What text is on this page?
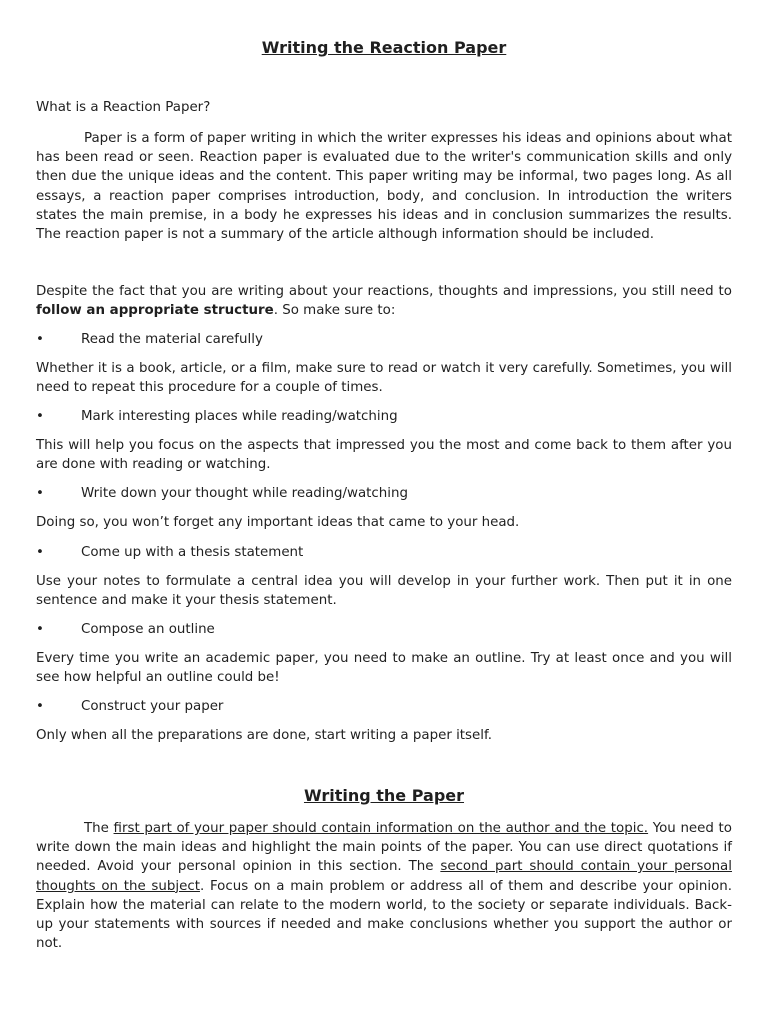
Writing the Reaction Paper

What is a Reaction Paper?

Paper is a form of paper writing in which the writer expresses his ideas and opinions about what has been read or seen. Reaction paper is evaluated due to the writer's communication skills and only then due the unique ideas and the content. This paper writing may be informal, two pages long. As all essays, a reaction paper comprises introduction, body, and conclusion. In introduction the writers states the main premise, in a body he expresses his ideas and in conclusion summarizes the results. The reaction paper is not a summary of the article although information should be included.

Despite the fact that you are writing about your reactions, thoughts and impressions, you still need to follow an appropriate structure. So make sure to:

•	Read the material carefully

Whether it is a book, article, or a film, make sure to read or watch it very carefully. Sometimes, you will need to repeat this procedure for a couple of times.

•	Mark interesting places while reading/watching

This will help you focus on the aspects that impressed you the most and come back to them after you are done with reading or watching.

•	Write down your thought while reading/watching

Doing so, you won’t forget any important ideas that came to your head.

•	Come up with a thesis statement

Use your notes to formulate a central idea you will develop in your further work. Then put it in one sentence and make it your thesis statement.

•	Compose an outline

Every time you write an academic paper, you need to make an outline. Try at least once and you will see how helpful an outline could be!

•	Construct your paper

Only when all the preparations are done, start writing a paper itself.

Writing the Paper

The first part of your paper should contain information on the author and the topic. You need to write down the main ideas and highlight the main points of the paper. You can use direct quotations if needed. Avoid your personal opinion in this section. The second part should contain your personal thoughts on the subject. Focus on a main problem or address all of them and describe your opinion. Explain how the material can relate to the modern world, to the society or separate individuals. Back-up your statements with sources if needed and make conclusions whether you support the author or not.
